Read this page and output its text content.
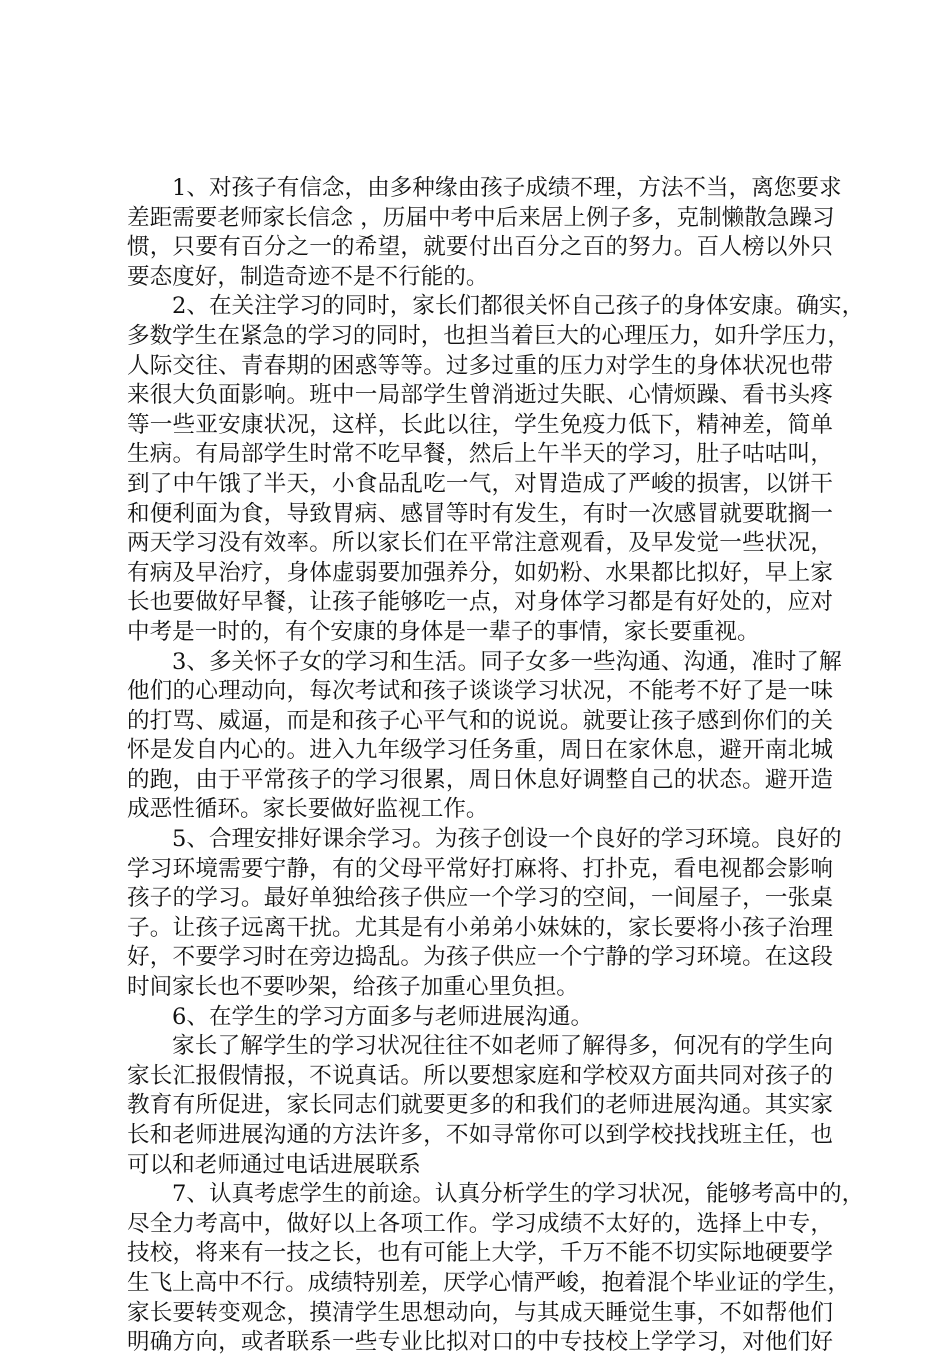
1、对孩子有信念，由多种缘由孩子成绩不理，方法不当，离您要求
差距需要老师家长信念 ，历届中考中后来居上例子多，克制懒散急躁习
惯，只要有百分之一的希望，就要付出百分之百的努力。百人榜以外只
要态度好，制造奇迹不是不行能的。
2、在关注学习的同时，家长们都很关怀自己孩子的身体安康。确实，
多数学生在紧急的学习的同时，也担当着巨大的心理压力，如升学压力，
人际交往、青春期的困惑等等。过多过重的压力对学生的身体状况也带
来很大负面影响。班中一局部学生曾消逝过失眠、心情烦躁、看书头疼
等一些亚安康状况，这样，长此以往，学生免疫力低下，精神差，简单
生病。有局部学生时常不吃早餐，然后上午半天的学习，肚子咕咕叫，
到了中午饿了半天，小食品乱吃一气，对胃造成了严峻的损害，以饼干
和便利面为食，导致胃病、感冒等时有发生，有时一次感冒就要耽搁一
两天学习没有效率。所以家长们在平常注意观看，及早发觉一些状况，
有病及早治疗，身体虚弱要加强养分，如奶粉、水果都比拟好，早上家
长也要做好早餐，让孩子能够吃一点，对身体学习都是有好处的，应对
中考是一时的，有个安康的身体是一辈子的事情，家长要重视。
3、多关怀子女的学习和生活。同子女多一些沟通、沟通，准时了解
他们的心理动向，每次考试和孩子谈谈学习状况，不能考不好了是一味
的打骂、威逼，而是和孩子心平气和的说说。就要让孩子感到你们的关
怀是发自内心的。进入九年级学习任务重，周日在家休息，避开南北城
的跑，由于平常孩子的学习很累，周日休息好调整自己的状态。避开造
成恶性循环。家长要做好监视工作。
5、合理安排好课余学习。为孩子创设一个良好的学习环境。良好的
学习环境需要宁静，有的父母平常好打麻将、打扑克，看电视都会影响
孩子的学习。最好单独给孩子供应一个学习的空间，一间屋子，一张桌
子。让孩子远离干扰。尤其是有小弟弟小妹妹的，家长要将小孩子治理
好，不要学习时在旁边捣乱。为孩子供应一个宁静的学习环境。在这段
时间家长也不要吵架，给孩子加重心里负担。
6、在学生的学习方面多与老师进展沟通。
家长了解学生的学习状况往往不如老师了解得多，何况有的学生向
家长汇报假情报，不说真话。所以要想家庭和学校双方面共同对孩子的
教育有所促进，家长同志们就要更多的和我们的老师进展沟通。其实家
长和老师进展沟通的方法许多，不如寻常你可以到学校找找班主任，也
可以和老师通过电话进展联系
7、认真考虑学生的前途。认真分析学生的学习状况，能够考高中的，
尽全力考高中，做好以上各项工作。学习成绩不太好的，选择上中专，
技校，将来有一技之长，也有可能上大学，千万不能不切实际地硬要学
生飞上高中不行。成绩特别差，厌学心情严峻，抱着混个毕业证的学生，
家长要转变观念，摸清学生思想动向，与其成天睡觉生事，不如帮他们
明确方向，或者联系一些专业比拟对口的中专技校上学学习，对他们好
